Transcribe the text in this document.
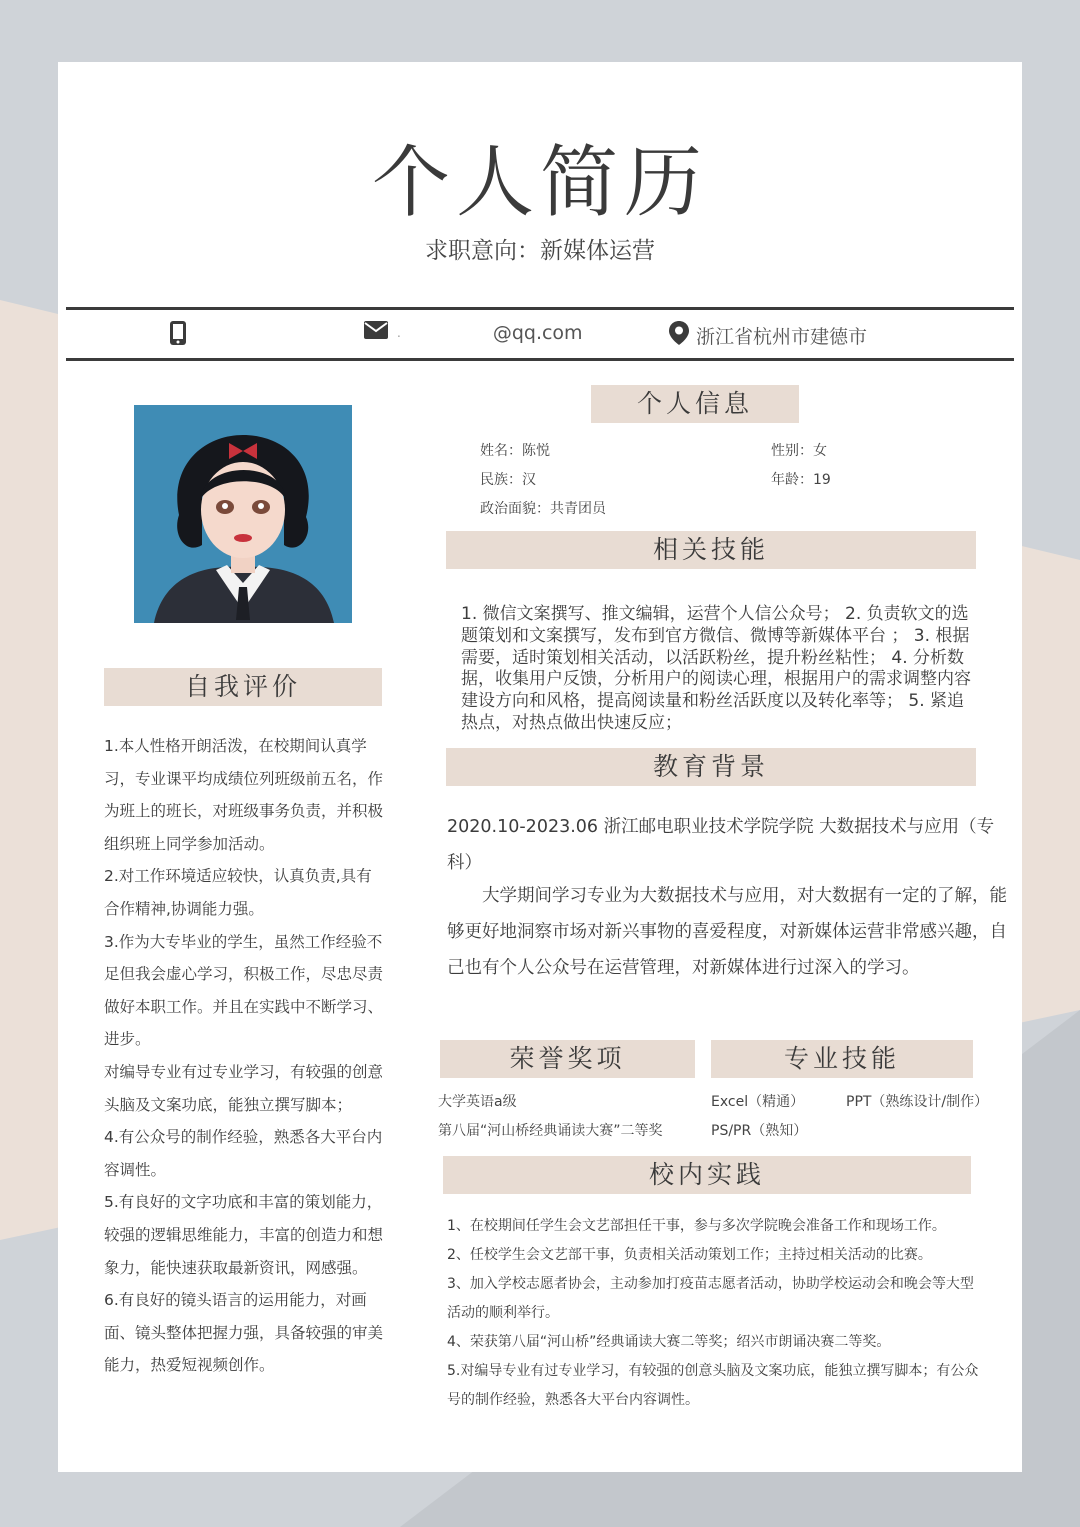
个人简历
求职意向：新媒体运营
.	@qq.com	浙江省杭州市建德市
自我评价

1.本人性格开朗活泼，在校期间认真学习，专业课平均成绩位列班级前五名，作为班上的班长，对班级事务负责，并积极组织班上同学参加活动。

2.对工作环境适应较快，认真负责,具有合作精神,协调能力强。

3.作为大专毕业的学生，虽然工作经验不足但我会虚心学习，积极工作，尽忠尽责做好本职工作。并且在实践中不断学习、进步。

对编导专业有过专业学习，有较强的创意头脑及文案功底，能独立撰写脚本；

4.有公众号的制作经验，熟悉各大平台内容调性。

5.有良好的文字功底和丰富的策划能力，较强的逻辑思维能力，丰富的创造力和想象力，能快速获取最新资讯，网感强。

6.有良好的镜头语言的运用能力，对画面、镜头整体把握力强，具备较强的审美能力，热爱短视频创作。

个人信息
姓名：陈悦	性别：女
民族：汉	年龄：19
政治面貌：共青团员
相关技能
1. 微信文案撰写、推文编辑，运营个人信公众号； 2. 负责软文的选题策划和文案撰写，发布到官方微信、微博等新媒体平台 ； 3. 根据需要，适时策划相关活动，以活跃粉丝，提升粉丝粘性； 4. 分析数据，收集用户反馈，分析用户的阅读心理，根据用户的需求调整内容建设方向和风格，提高阅读量和粉丝活跃度以及转化率等； 5. 紧追热点，对热点做出快速反应；
教育背景
2020.10-2023.06 浙江邮电职业技术学院学院 大数据技术与应用（专科）
大学期间学习专业为大数据技术与应用，对大数据有一定的了解，能够更好地洞察市场对新兴事物的喜爱程度，对新媒体运营非常感兴趣，自己也有个人公众号在运营管理，对新媒体进行过深入的学习。
荣誉奖项	专业技能
大学英语a级
第八届“河山桥经典诵读大赛”二等奖
Excel（精通）	PPT（熟练设计/制作）
PS/PR（熟知）
校内实践

1、在校期间任学生会文艺部担任干事，参与多次学院晚会准备工作和现场工作。

2、任校学生会文艺部干事，负责相关活动策划工作；主持过相关活动的比赛。

3、加入学校志愿者协会，主动参加打疫苗志愿者活动，协助学校运动会和晚会等大型活动的顺利举行。

4、荣获第八届“河山桥”经典诵读大赛二等奖；绍兴市朗诵决赛二等奖。

5.对编导专业有过专业学习，有较强的创意头脑及文案功底，能独立撰写脚本；有公众号的制作经验，熟悉各大平台内容调性。
